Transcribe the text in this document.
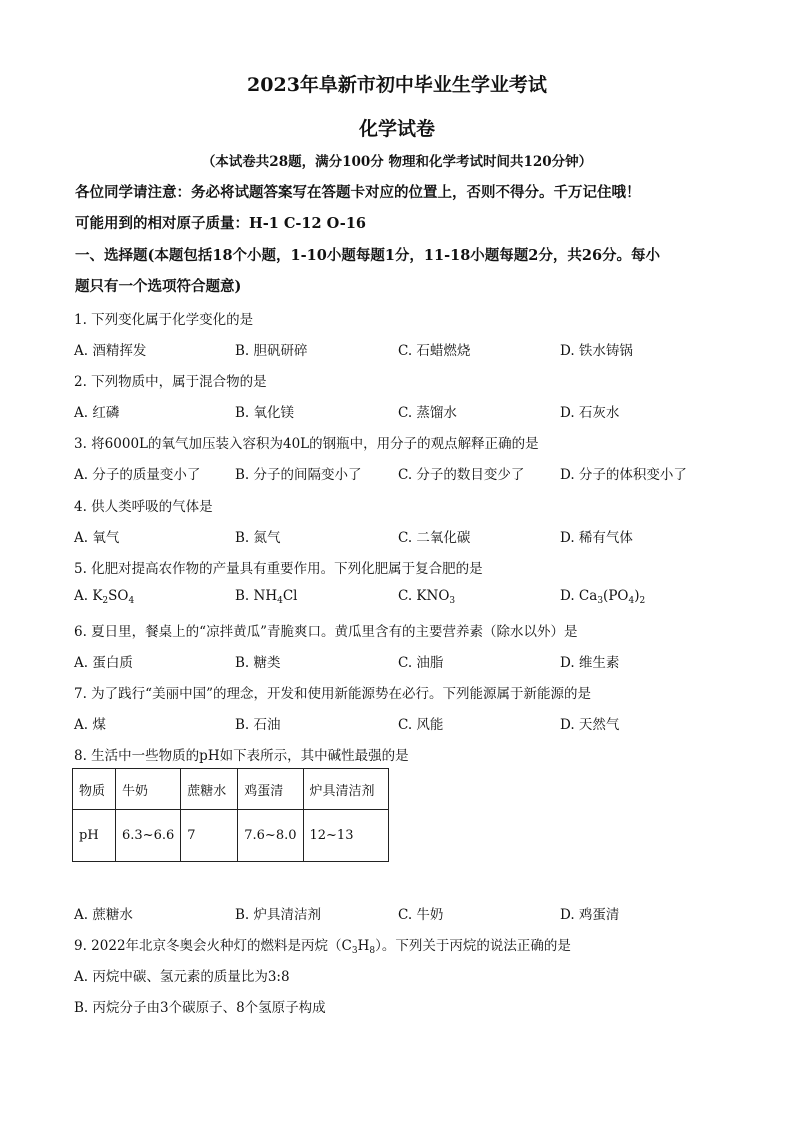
2023年阜新市初中毕业生学业考试
化学试卷
（本试卷共28题，满分100分 物理和化学考试时间共120分钟）
各位同学请注意：务必将试题答案写在答题卡对应的位置上，否则不得分。千万记住哦！
可能用到的相对原子质量：H-1 C-12 O-16
一、选择题(本题包括18个小题，1-10小题每题1分，11-18小题每题2分，共26分。每小
题只有一个选项符合题意)
1. 下列变化属于化学变化的是
A. 酒精挥发	B. 胆矾研碎	C. 石蜡燃烧	D. 铁水铸锅
2. 下列物质中，属于混合物的是
A. 红磷	B. 氧化镁	C. 蒸馏水	D. 石灰水
3. 将6000L的氧气加压装入容积为40L的钢瓶中，用分子的观点解释正确的是
A. 分子的质量变小了	B. 分子的间隔变小了	C. 分子的数目变少了	D. 分子的体积变小了
4. 供人类呼吸的气体是
A. 氧气	B. 氮气	C. 二氧化碳	D. 稀有气体
5. 化肥对提高农作物的产量具有重要作用。下列化肥属于复合肥的是
A. $K_2SO_4$	B. $NH_4Cl$	C. $KNO_3$	D. $Ca_3(PO_4)_2$
6. 夏日里，餐桌上的“凉拌黄瓜”青脆爽口。黄瓜里含有的主要营养素（除水以外）是
A. 蛋白质	B. 糖类	C. 油脂	D. 维生素
7. 为了践行“美丽中国”的理念，开发和使用新能源势在必行。下列能源属于新能源的是
A. 煤	B. 石油	C. 风能	D. 天然气
8. 生活中一些物质的pH如下表所示，其中碱性最强的是
物质	牛奶	蔗糖水	鸡蛋清	炉具清洁剂
pH	6.3~6.6	7	7.6~8.0	12~13
A. 蔗糖水	B. 炉具清洁剂	C. 牛奶	D. 鸡蛋清
9. 2022年北京冬奥会火种灯的燃料是丙烷$(C_3H_8)$。下列关于丙烷的说法正确的是
A. 丙烷中碳、氢元素的质量比为3:8
B. 丙烷分子由3个碳原子、8个氢原子构成
